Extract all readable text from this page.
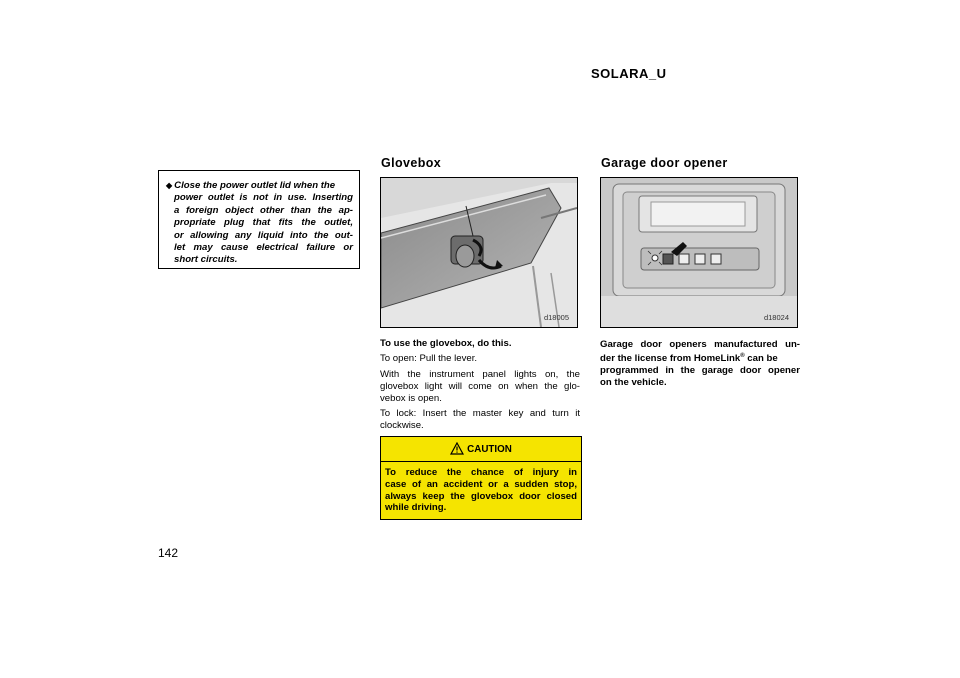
SOLARA_U
◆ Close the power outlet lid when the
power outlet is not in use. Inserting
a foreign object other than the ap-
propriate plug that fits the outlet,
or allowing any liquid into the out-
let may cause electrical failure or
short circuits.
142
Glovebox
d18005
To use the glovebox, do this.
To open: Pull the lever.
With the instrument panel lights on, the
glovebox light will come on when the glo-
vebox is open.
To lock: Insert the master key and turn it
clockwise.
CAUTION
To reduce the chance of injury in
case of an accident or a sudden stop,
always keep the glovebox door closed
while driving.
Garage door opener
d18024
Garage door openers manufactured un-
der the license from HomeLink® can be
programmed in the garage door opener
on the vehicle.
